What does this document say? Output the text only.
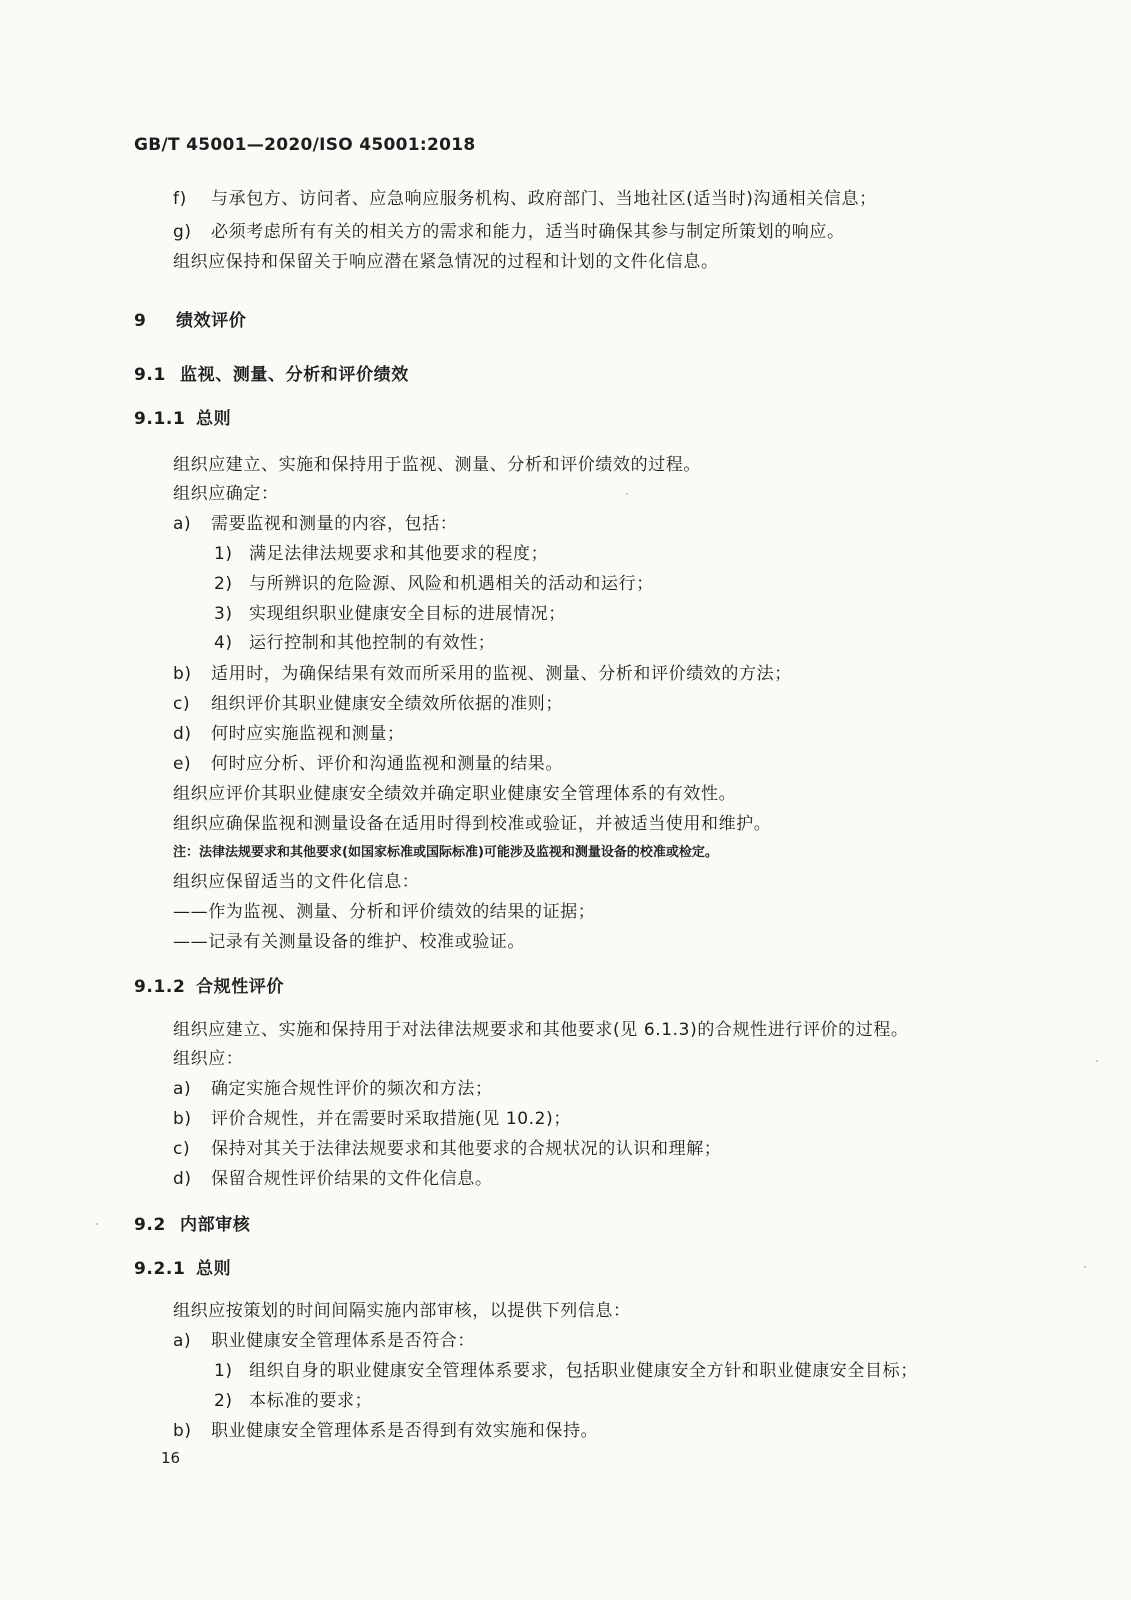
GB/T 45001—2020/ISO 45001:2018
f) 与承包方、访问者、应急响应服务机构、政府部门、当地社区(适当时)沟通相关信息；
g) 必须考虑所有有关的相关方的需求和能力，适当时确保其参与制定所策划的响应。
组织应保持和保留关于响应潜在紧急情况的过程和计划的文件化信息。
9 绩效评价
9.1 监视、测量、分析和评价绩效
9.1.1 总则
组织应建立、实施和保持用于监视、测量、分析和评价绩效的过程。
组织应确定：
a) 需要监视和测量的内容，包括：
1) 满足法律法规要求和其他要求的程度；
2) 与所辨识的危险源、风险和机遇相关的活动和运行；
3) 实现组织职业健康安全目标的进展情况；
4) 运行控制和其他控制的有效性；
b) 适用时，为确保结果有效而所采用的监视、测量、分析和评价绩效的方法；
c) 组织评价其职业健康安全绩效所依据的准则；
d) 何时应实施监视和测量；
e) 何时应分析、评价和沟通监视和测量的结果。
组织应评价其职业健康安全绩效并确定职业健康安全管理体系的有效性。
组织应确保监视和测量设备在适用时得到校准或验证，并被适当使用和维护。
注：法律法规要求和其他要求(如国家标准或国际标准)可能涉及监视和测量设备的校准或检定。
组织应保留适当的文件化信息：
——作为监视、测量、分析和评价绩效的结果的证据；
——记录有关测量设备的维护、校准或验证。
9.1.2 合规性评价
组织应建立、实施和保持用于对法律法规要求和其他要求(见 6.1.3)的合规性进行评价的过程。
组织应：
a) 确定实施合规性评价的频次和方法；
b) 评价合规性，并在需要时采取措施(见 10.2)；
c) 保持对其关于法律法规要求和其他要求的合规状况的认识和理解；
d) 保留合规性评价结果的文件化信息。
9.2 内部审核
9.2.1 总则
组织应按策划的时间间隔实施内部审核，以提供下列信息：
a) 职业健康安全管理体系是否符合：
1) 组织自身的职业健康安全管理体系要求，包括职业健康安全方针和职业健康安全目标；
2) 本标准的要求；
b) 职业健康安全管理体系是否得到有效实施和保持。
16
